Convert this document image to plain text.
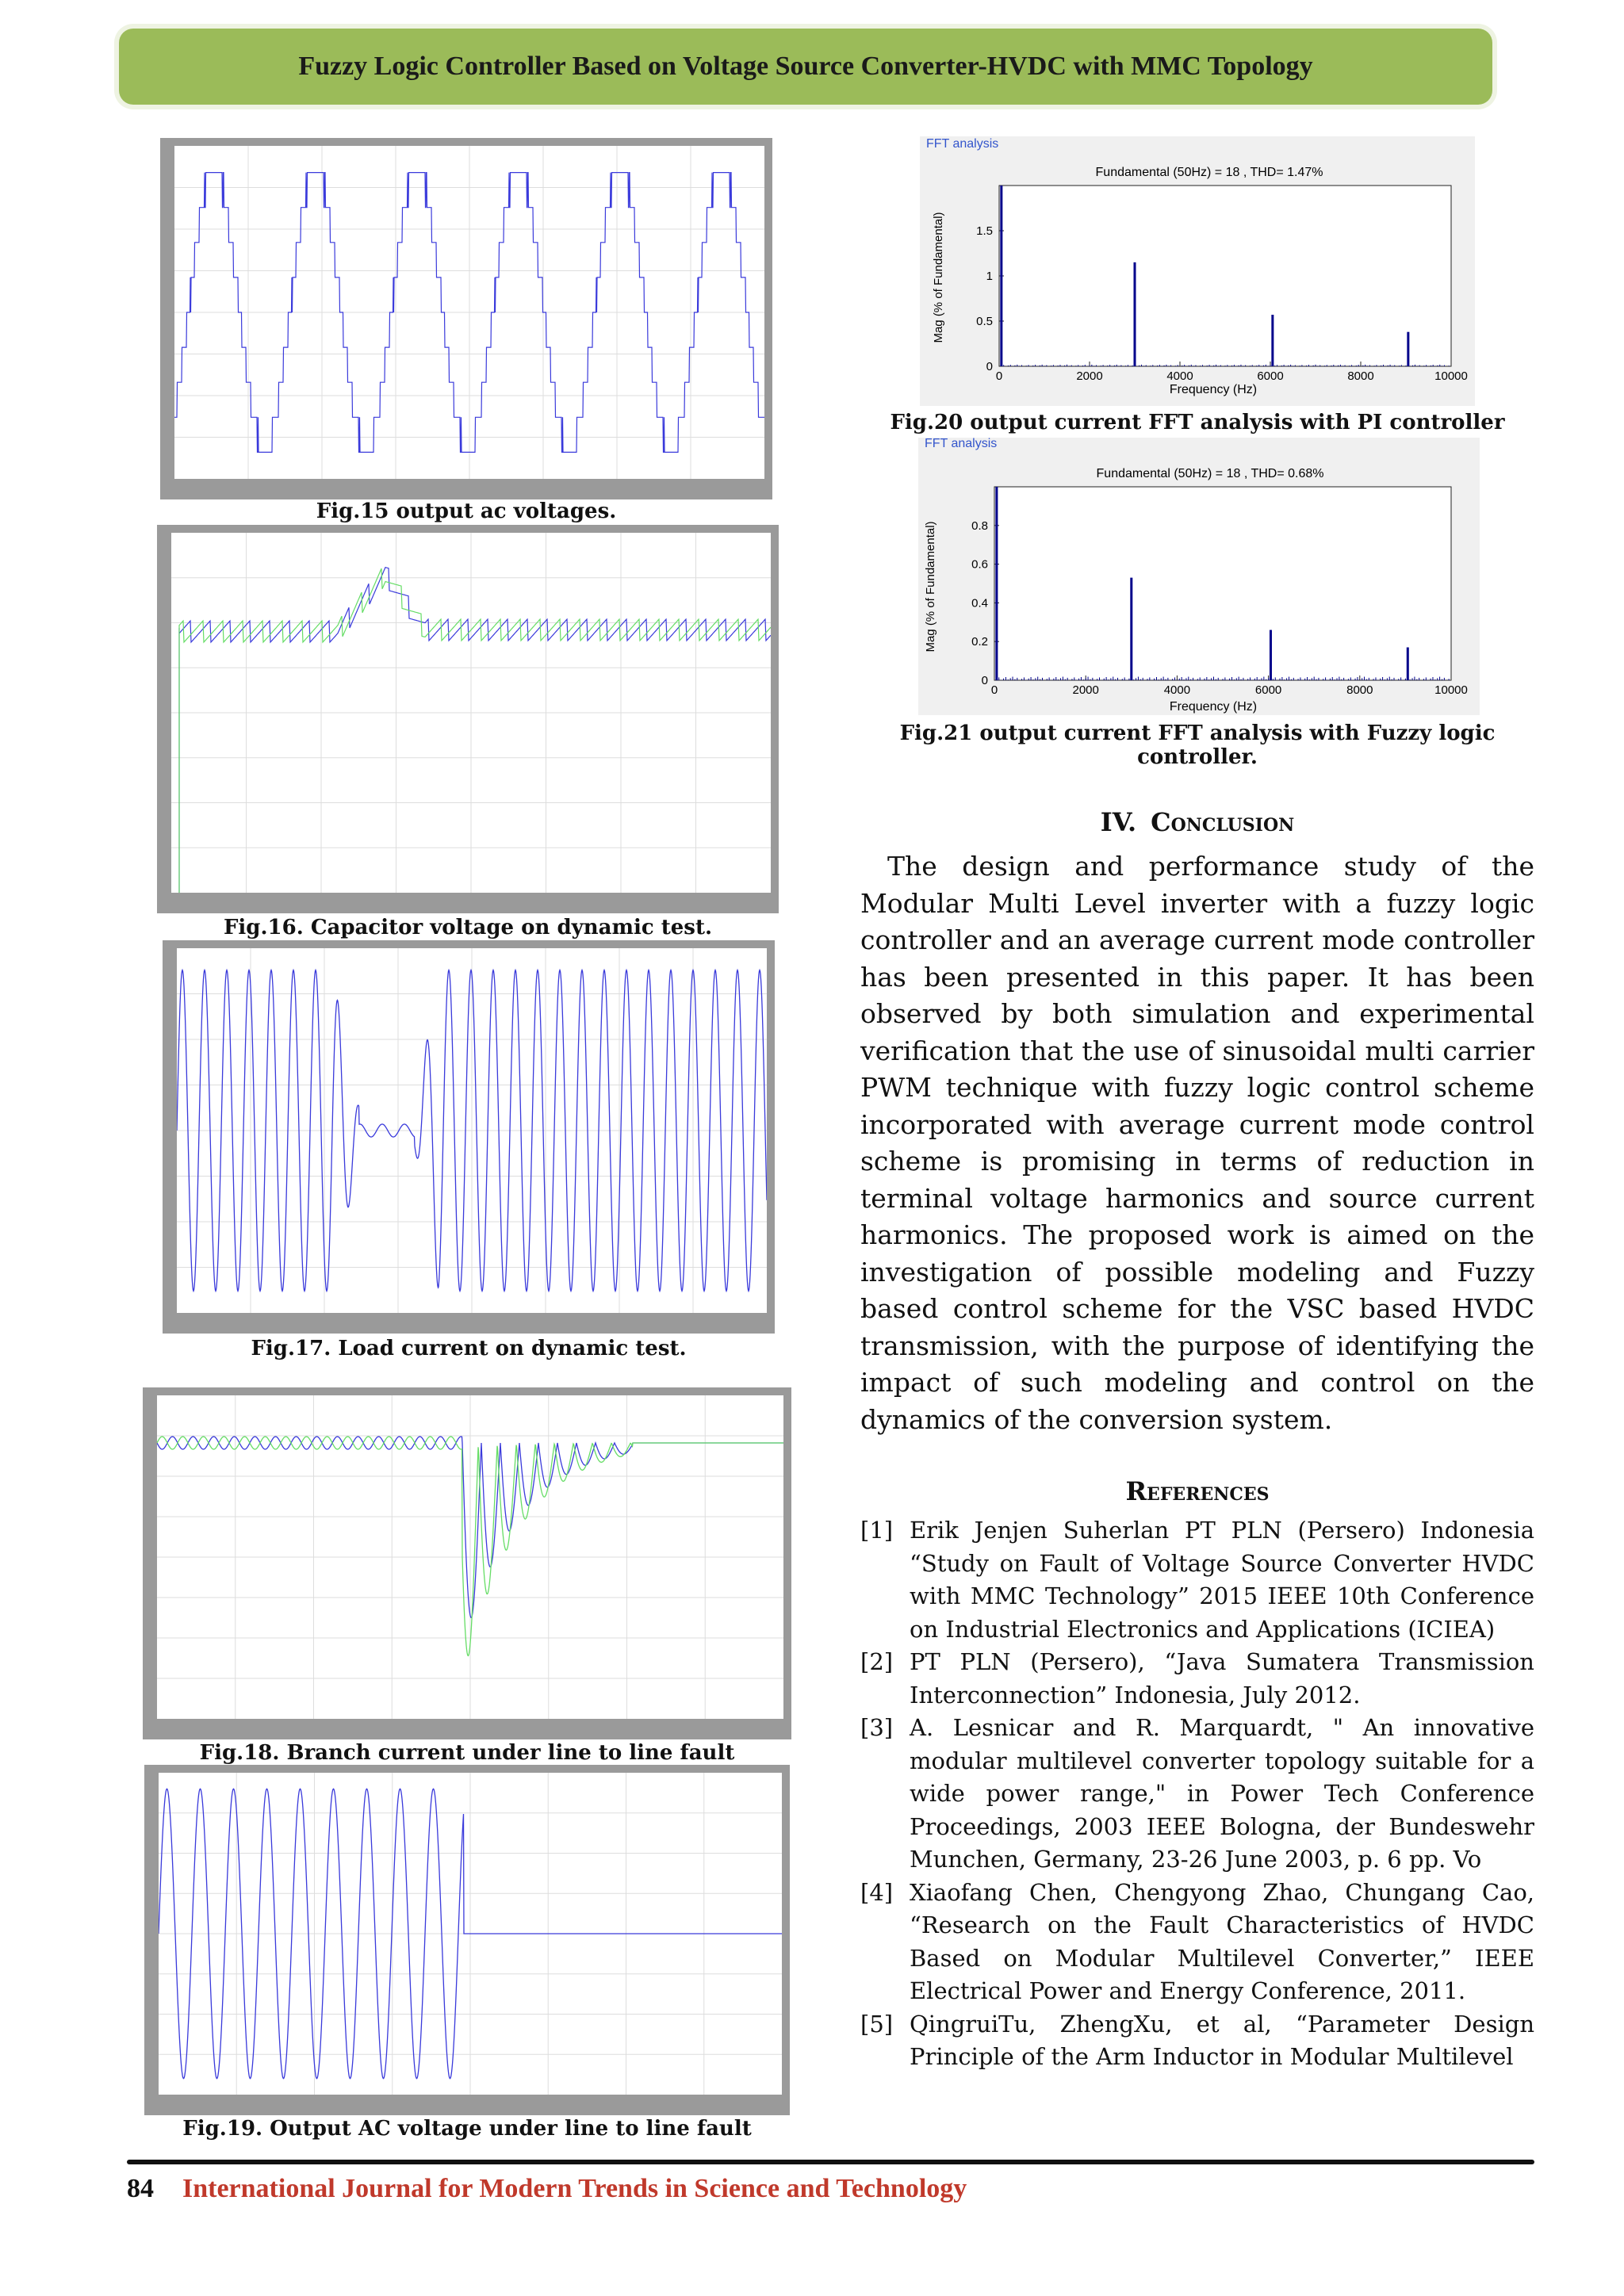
Fuzzy Logic Controller Based on Voltage Source Converter-HVDC with MMC Topology
Fig.15 output ac voltages.
Fig.16. Capacitor voltage on dynamic test.
Fig.17. Load current on dynamic test.
Fig.18. Branch current under line to line fault
Fig.19. Output AC voltage under line to line fault
FFT analysis
Fundamental (50Hz) = 18 , THD= 1.47%
Frequency (Hz)
Mag (% of Fundamental)
0
0.5
1
1.5
0	2000	4000	6000	8000	10000
Fig.20 output current FFT analysis with PI controller
FFT analysis
Fundamental (50Hz) = 18 , THD= 0.68%
Frequency (Hz)
Mag (% of Fundamental)
0
0.2
0.4
0.6
0.8
0	2000	4000	6000	8000	10000
Fig.21 output current FFT analysis with Fuzzy logic controller.
IV. Conclusion
The design and performance study of the Modular Multi Level inverter with a fuzzy logic controller and an average current mode controller has been presented in this paper. It has been observed by both simulation and experimental verification that the use of sinusoidal multi carrier PWM technique with fuzzy logic control scheme incorporated with average current mode control scheme is promising in terms of reduction in terminal voltage harmonics and source current harmonics. The proposed work is aimed on the investigation of possible modeling and Fuzzy based control scheme for the VSC based HVDC transmission, with the purpose of identifying the impact of such modeling and control on the dynamics of the conversion system.
References
[1] Erik Jenjen Suherlan PT PLN (Persero) Indonesia “Study on Fault of Voltage Source Converter HVDC with MMC Technology” 2015 IEEE 10th Conference on Industrial Electronics and Applications (ICIEA)
[2] PT PLN (Persero), “Java Sumatera Transmission Interconnection” Indonesia, July 2012.
[3] A. Lesnicar and R. Marquardt, " An innovative modular multilevel converter topology suitable for a wide power range," in Power Tech Conference Proceedings, 2003 IEEE Bologna, der Bundeswehr Munchen, Germany, 23-26 June 2003, p. 6 pp. Vo
[4] Xiaofang Chen, Chengyong Zhao, Chungang Cao, “Research on the Fault Characteristics of HVDC Based on Modular Multilevel Converter,” IEEE Electrical Power and Energy Conference, 2011.
[5] QingruiTu, ZhengXu, et al, “Parameter Design Principle of the Arm Inductor in Modular Multilevel
84 International Journal for Modern Trends in Science and Technology
